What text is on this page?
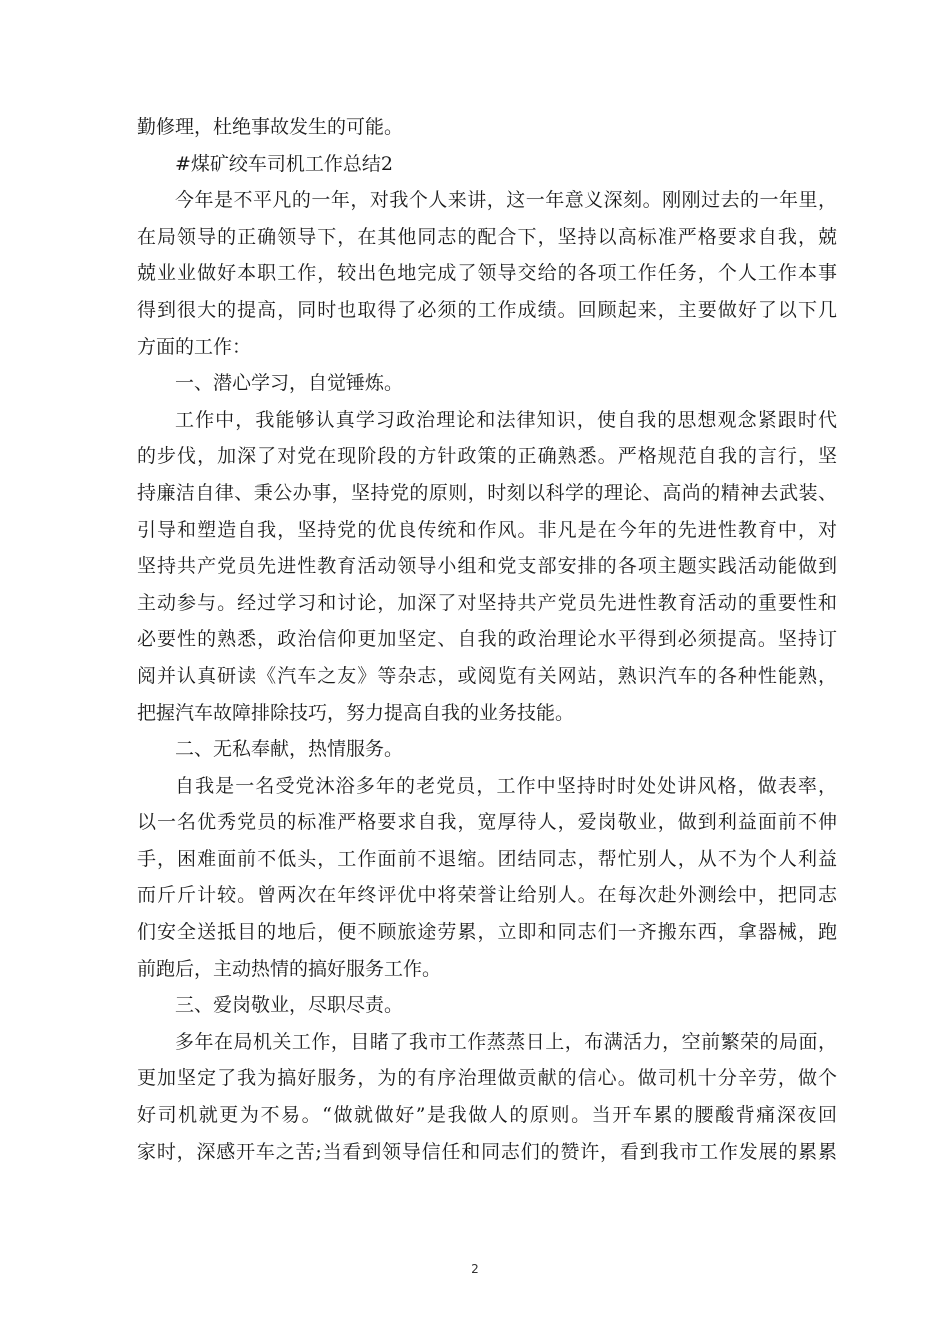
勤修理，杜绝事故发生的可能。
#煤矿绞车司机工作总结2
今年是不平凡的一年，对我个人来讲，这一年意义深刻。刚刚过去的一年里，
在局领导的正确领导下，在其他同志的配合下，坚持以高标准严格要求自我，兢
兢业业做好本职工作，较出色地完成了领导交给的各项工作任务，个人工作本事
得到很大的提高，同时也取得了必须的工作成绩。回顾起来，主要做好了以下几
方面的工作：
一、潜心学习，自觉锤炼。
工作中，我能够认真学习政治理论和法律知识，使自我的思想观念紧跟时代
的步伐，加深了对党在现阶段的方针政策的正确熟悉。严格规范自我的言行，坚
持廉洁自律、秉公办事，坚持党的原则，时刻以科学的理论、高尚的精神去武装、
引导和塑造自我，坚持党的优良传统和作风。非凡是在今年的先进性教育中，对
坚持共产党员先进性教育活动领导小组和党支部安排的各项主题实践活动能做到
主动参与。经过学习和讨论，加深了对坚持共产党员先进性教育活动的重要性和
必要性的熟悉，政治信仰更加坚定、自我的政治理论水平得到必须提高。坚持订
阅并认真研读《汽车之友》等杂志，或阅览有关网站，熟识汽车的各种性能熟，
把握汽车故障排除技巧，努力提高自我的业务技能。
二、无私奉献，热情服务。
自我是一名受党沐浴多年的老党员，工作中坚持时时处处讲风格，做表率，
以一名优秀党员的标准严格要求自我，宽厚待人，爱岗敬业，做到利益面前不伸
手，困难面前不低头，工作面前不退缩。团结同志，帮忙别人，从不为个人利益
而斤斤计较。曾两次在年终评优中将荣誉让给别人。在每次赴外测绘中，把同志
们安全送抵目的地后，便不顾旅途劳累，立即和同志们一齐搬东西，拿器械，跑
前跑后，主动热情的搞好服务工作。
三、爱岗敬业，尽职尽责。
多年在局机关工作，目睹了我市工作蒸蒸日上，布满活力，空前繁荣的局面，
更加坚定了我为搞好服务，为的有序治理做贡献的信心。做司机十分辛劳，做个
好司机就更为不易。“做就做好”是我做人的原则。当开车累的腰酸背痛深夜回
家时，深感开车之苦;当看到领导信任和同志们的赞许，看到我市工作发展的累累
2
